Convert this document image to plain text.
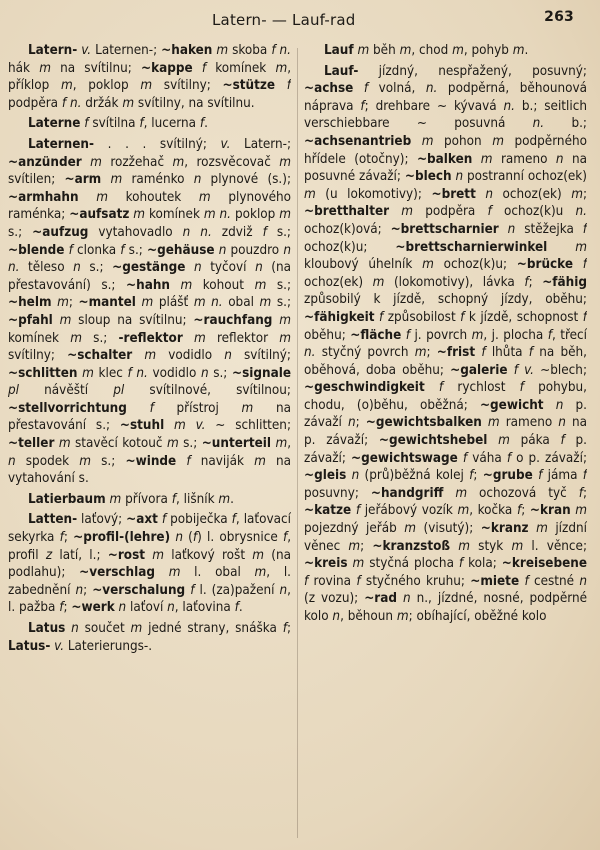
Latern- — Lauf-rad	263

Latern- v. Laternen-; ~haken m skoba f n. hák m na svítilnu; ~kappe f komínek m, příklop m, poklop m svítilny; ~stütze f podpěra f n. držák m svítilny, na svítilnu.

Laterne f svítilna f, lucerna f.

Laternen- . . . svítilný; v. Latern-; ~anzünder m rozžehač m, rozsvěcovač m svítilen; ~arm m raménko n plynové (s.); ~armhahn m kohoutek m plynového raménka; ~aufsatz m komínek m n. poklop m s.; ~aufzug vytahovadlo n n. zdviž f s.; ~blende f clonka f s.; ~gehäuse n pouzdro n n. těleso n s.; ~gestänge n tyčoví n (na přestavování) s.; ~hahn m kohout m s.; ~helm m; ~mantel m plášť m n. obal m s.; ~pfahl m sloup na svítilnu; ~rauchfang m komínek m s.; -reflektor m reflektor m svítilny; ~schalter m vodidlo n svítilný; ~schlitten m klec f n. vodidlo n s.; ~signale pl návěští pl svítilnové, svítilnou; ~stellvorrichtung f přístroj m na přestavování s.; ~stuhl m v. ~ schlitten; ~teller m stavěcí kotouč m s.; ~unterteil m, n spodek m s.; ~winde f naviják m na vytahování s.

Latierbaum m přívora f, lišník m.

Latten- laťový; ~axt f pobiječka f, laťovací sekyrka f; ~profil-(lehre) n (f) l. obrysnice f, profil z latí, l.; ~rost m laťkový rošt m (na podlahu); ~verschlag m l. obal m, l. zabednění n; ~verschalung f l. (za)pažení n, l. pažba f; ~werk n laťoví n, laťovina f.

Latus n součet m jedné strany, snáška f; Latus- v. Laterierungs-.

Lauf m běh m, chod m, pohyb m.

Lauf- jízdný, nespřažený, posuvný; ~achse f volná, n. podpěrná, běhounová náprava f; drehbare ~ kývavá n. b.; seitlich verschiebbare ~ posuvná n. b.; ~achsenantrieb m pohon m podpěrného hřídele (otočny); ~balken m rameno n na posuvné závaží; ~blech n postranní ochoz(ek) m (u lokomotivy); ~brett n ochoz(ek) m; ~bretthalter m podpěra f ochoz(k)u n. ochoz(k)ová; ~brettscharnier n stěžejka f ochoz(k)u; ~brettscharnierwinkel m kloubový úhelník m ochoz(k)u; ~brücke f ochoz(ek) m (lokomotivy), lávka f; ~fähig způsobilý k jízdě, schopný jízdy, oběhu; ~fähigkeit f způsobilost f k jízdě, schopnost f oběhu; ~fläche f j. povrch m, j. plocha f, třecí n. styčný povrch m; ~frist f lhůta f na běh, oběhová, doba oběhu; ~galerie f v. ~blech; ~geschwindigkeit f rychlost f pohybu, chodu, (o)běhu, oběžná; ~gewicht n p. závaží n; ~gewichtsbalken m rameno n na p. závaží; ~gewichtshebel m páka f p. závaží; ~gewichtswage f váha f o p. závaží; ~gleis n (prů)běžná kolej f; ~grube f jáma f posuvny; ~handgriff m ochozová tyč f; ~katze f jeřábový vozík m, kočka f; ~kran m pojezdný jeřáb m (visutý); ~kranz m jízdní věnec m; ~kranzstoß m styk m l. věnce; ~kreis m styčná plocha f kola; ~kreisebene f rovina f styčného kruhu; ~miete f cestné n (z vozu); ~rad n n., jízdné, nosné, podpěrné kolo n, běhoun m; obíhající, oběžné kolo
